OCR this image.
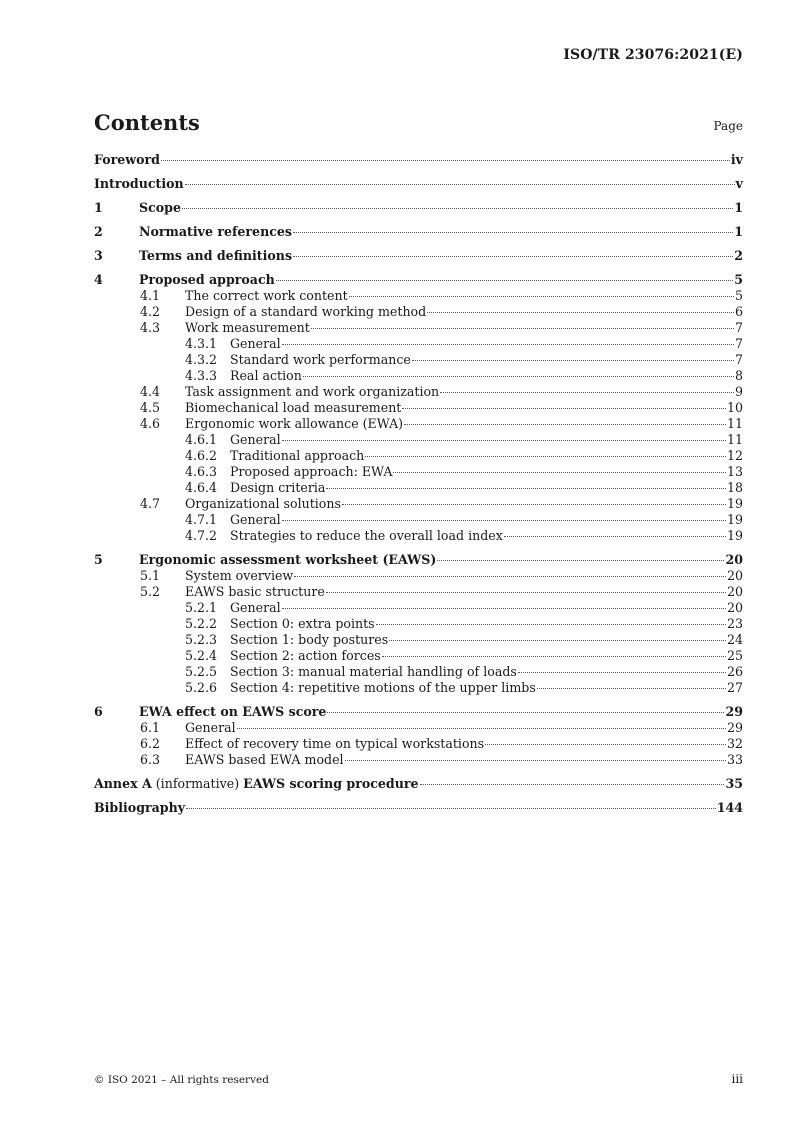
ISO/TR 23076:2021(E)
Contents	Page
Foreword	iv
Introduction	v
1	Scope	1
2	Normative references	1
3	Terms and definitions	2
4	Proposed approach	5
4.1	The correct work content	5
4.2	Design of a standard working method	6
4.3	Work measurement	7
4.3.1	General	7
4.3.2	Standard work performance	7
4.3.3	Real action	8
4.4	Task assignment and work organization	9
4.5	Biomechanical load measurement	10
4.6	Ergonomic work allowance (EWA)	11
4.6.1	General	11
4.6.2	Traditional approach	12
4.6.3	Proposed approach: EWA	13
4.6.4	Design criteria	18
4.7	Organizational solutions	19
4.7.1	General	19
4.7.2	Strategies to reduce the overall load index	19
5	Ergonomic assessment worksheet (EAWS)	20
5.1	System overview	20
5.2	EAWS basic structure	20
5.2.1	General	20
5.2.2	Section 0: extra points	23
5.2.3	Section 1: body postures	24
5.2.4	Section 2: action forces	25
5.2.5	Section 3: manual material handling of loads	26
5.2.6	Section 4: repetitive motions of the upper limbs	27
6	EWA effect on EAWS score	29
6.1	General	29
6.2	Effect of recovery time on typical workstations	32
6.3	EAWS based EWA model	33
Annex A (informative) EAWS scoring procedure	35
Bibliography	144
© ISO 2021 – All rights reserved	iii
